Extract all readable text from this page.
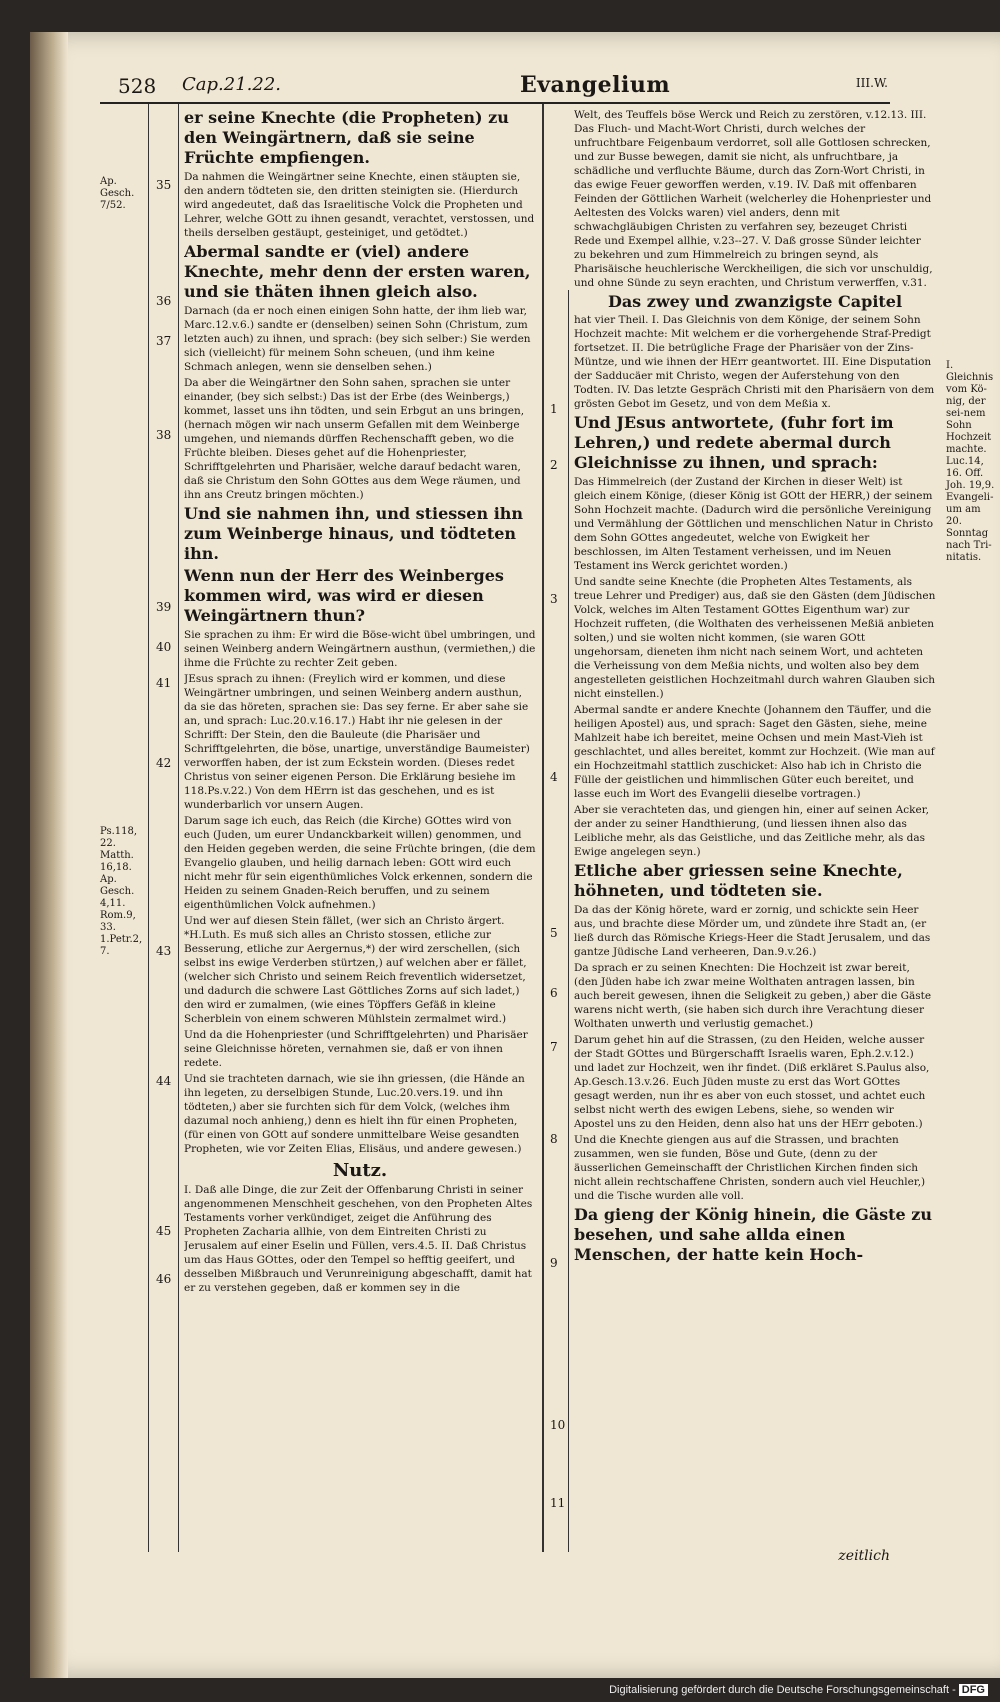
528 Cap.21.22.	Evangelium	III.W.
Ap. Gesch. 7/52.
Ps.118, 22. Matth. 16,18. Ap. Gesch. 4,11. Rom.9, 33. 1.Petr.2, 7.
I. Gleichnis vom Kö-nig, der sei-nem Sohn Hochzeit machte. Luc.14, 16. Off. Joh. 19,9. Evangeli-um am 20. Sonntag nach Tri-nitatis.
35
36
37
38
39
40
41
42
43
44
45
46
1
2
3
4
5
6
7
8
9
10
11

er seine Knechte (die Propheten) zu den Weingärtnern, daß sie seine Früchte empfiengen.

Da nahmen die Weingärtner seine Knechte, einen stäupten sie, den andern tödteten sie, den dritten steinigten sie. (Hierdurch wird angedeutet, daß das Israelitische Volck die Propheten und Lehrer, welche GOtt zu ihnen gesandt, verachtet, verstossen, und theils derselben gestäupt, gesteiniget, und getödtet.)

Abermal sandte er (viel) andere Knechte, mehr denn der ersten waren, und sie thäten ihnen gleich also.

Darnach (da er noch einen einigen Sohn hatte, der ihm lieb war, Marc.12.v.6.) sandte er (denselben) seinen Sohn (Christum, zum letzten auch) zu ihnen, und sprach: (bey sich selber:) Sie werden sich (vielleicht) für meinem Sohn scheuen, (und ihm keine Schmach anlegen, wenn sie denselben sehen.)

Da aber die Weingärtner den Sohn sahen, sprachen sie unter einander, (bey sich selbst:) Das ist der Erbe (des Weinbergs,) kommet, lasset uns ihn tödten, und sein Erbgut an uns bringen, (hernach mögen wir nach unserm Gefallen mit dem Weinberge umgehen, und niemands dürffen Rechenschafft geben, wo die Früchte bleiben. Dieses gehet auf die Hohenpriester, Schrifftgelehrten und Pharisäer, welche darauf bedacht waren, daß sie Christum den Sohn GOttes aus dem Wege räumen, und ihn ans Creutz bringen möchten.)

Und sie nahmen ihn, und stiessen ihn zum Weinberge hinaus, und tödteten ihn.

Wenn nun der Herr des Weinberges kommen wird, was wird er diesen Weingärtnern thun?

Sie sprachen zu ihm: Er wird die Böse-wicht übel umbringen, und seinen Weinberg andern Weingärtnern austhun, (vermiethen,) die ihme die Früchte zu rechter Zeit geben.

JEsus sprach zu ihnen: (Freylich wird er kommen, und diese Weingärtner umbringen, und seinen Weinberg andern austhun, da sie das höreten, sprachen sie: Das sey ferne. Er aber sahe sie an, und sprach: Luc.20.v.16.17.) Habt ihr nie gelesen in der Schrifft: Der Stein, den die Bauleute (die Pharisäer und Schrifftgelehrten, die böse, unartige, unverständige Baumeister) verworffen haben, der ist zum Eckstein worden. (Dieses redet Christus von seiner eigenen Person. Die Erklärung besiehe im 118.Ps.v.22.) Von dem HErrn ist das geschehen, und es ist wunderbarlich vor unsern Augen.

Darum sage ich euch, das Reich (die Kirche) GOttes wird von euch (Juden, um eurer Undanckbarkeit willen) genommen, und den Heiden gegeben werden, die seine Früchte bringen, (die dem Evangelio glauben, und heilig darnach leben: GOtt wird euch nicht mehr für sein eigenthümliches Volck erkennen, sondern die Heiden zu seinem Gnaden-Reich beruffen, und zu seinem eigenthümlichen Volck aufnehmen.)

Und wer auf diesen Stein fället, (wer sich an Christo ärgert. *H.Luth. Es muß sich alles an Christo stossen, etliche zur Besserung, etliche zur Aergernus,*) der wird zerschellen, (sich selbst ins ewige Verderben stürtzen,) auf welchen aber er fället, (welcher sich Christo und seinem Reich freventlich widersetzet, und dadurch die schwere Last Göttliches Zorns auf sich ladet,) den wird er zumalmen, (wie eines Töpffers Gefäß in kleine Scherblein von einem schweren Mühlstein zermalmet wird.)

Und da die Hohenpriester (und Schrifftgelehrten) und Pharisäer seine Gleichnisse höreten, vernahmen sie, daß er von ihnen redete.

Und sie trachteten darnach, wie sie ihn griessen, (die Hände an ihn legeten, zu derselbigen Stunde, Luc.20.vers.19. und ihn tödteten,) aber sie furchten sich für dem Volck, (welches ihm dazumal noch anhieng,) denn es hielt ihn für einen Propheten, (für einen von GOtt auf sondere unmittelbare Weise gesandten Propheten, wie vor Zeiten Elias, Elisäus, und andere gewesen.)

Nutz.

I. Daß alle Dinge, die zur Zeit der Offenbarung Christi in seiner angenommenen Menschheit geschehen, von den Propheten Altes Testaments vorher verkündiget, zeiget die Anführung des Propheten Zacharia allhie, von dem Eintreiten Christi zu Jerusalem auf einer Eselin und Füllen, vers.4.5. II. Daß Christus um das Haus GOttes, oder den Tempel so hefftig geeifert, und desselben Mißbrauch und Verunreinigung abgeschafft, damit hat er zu verstehen gegeben, daß er kommen sey in die

Welt, des Teuffels böse Werck und Reich zu zerstören, v.12.13. III. Das Fluch- und Macht-Wort Christi, durch welches der unfruchtbare Feigenbaum verdorret, soll alle Gottlosen schrecken, und zur Busse bewegen, damit sie nicht, als unfruchtbare, ja schädliche und verfluchte Bäume, durch das Zorn-Wort Christi, in das ewige Feuer geworffen werden, v.19. IV. Daß mit offenbaren Feinden der Göttlichen Warheit (welcherley die Hohenpriester und Aeltesten des Volcks waren) viel anders, denn mit schwachgläubigen Christen zu verfahren sey, bezeuget Christi Rede und Exempel allhie, v.23--27. V. Daß grosse Sünder leichter zu bekehren und zum Himmelreich zu bringen seynd, als Pharisäische heuchlerische Werckheiligen, die sich vor unschuldig, und ohne Sünde zu seyn erachten, und Christum verwerffen, v.31.

Das zwey und zwanzigste Capitel

hat vier Theil. I. Das Gleichnis von dem Könige, der seinem Sohn Hochzeit machte: Mit welchem er die vorhergehende Straf-Predigt fortsetzet. II. Die betrügliche Frage der Pharisäer von der Zins-Müntze, und wie ihnen der HErr geantwortet. III. Eine Disputation der Sadducäer mit Christo, wegen der Auferstehung von den Todten. IV. Das letzte Gespräch Christi mit den Pharisäern von dem grösten Gebot im Gesetz, und von dem Meßia x.

Und JEsus antwortete, (fuhr fort im Lehren,) und redete abermal durch Gleichnisse zu ihnen, und sprach:

Das Himmelreich (der Zustand der Kirchen in dieser Welt) ist gleich einem Könige, (dieser König ist GOtt der HERR,) der seinem Sohn Hochzeit machte. (Dadurch wird die persönliche Vereinigung und Vermählung der Göttlichen und menschlichen Natur in Christo dem Sohn GOttes angedeutet, welche von Ewigkeit her beschlossen, im Alten Testament verheissen, und im Neuen Testament ins Werck gerichtet worden.)

Und sandte seine Knechte (die Propheten Altes Testaments, als treue Lehrer und Prediger) aus, daß sie den Gästen (dem Jüdischen Volck, welches im Alten Testament GOttes Eigenthum war) zur Hochzeit ruffeten, (die Wolthaten des verheissenen Meßiä anbieten solten,) und sie wolten nicht kommen, (sie waren GOtt ungehorsam, dieneten ihm nicht nach seinem Wort, und achteten die Verheissung von dem Meßia nichts, und wolten also bey dem angestelleten geistlichen Hochzeitmahl durch wahren Glauben sich nicht einstellen.)

Abermal sandte er andere Knechte (Johannem den Täuffer, und die heiligen Apostel) aus, und sprach: Saget den Gästen, siehe, meine Mahlzeit habe ich bereitet, meine Ochsen und mein Mast-Vieh ist geschlachtet, und alles bereitet, kommt zur Hochzeit. (Wie man auf ein Hochzeitmahl stattlich zuschicket: Also hab ich in Christo die Fülle der geistlichen und himmlischen Güter euch bereitet, und lasse euch im Wort des Evangelii dieselbe vortragen.)

Aber sie verachteten das, und giengen hin, einer auf seinen Acker, der ander zu seiner Handthierung, (und liessen ihnen also das Leibliche mehr, als das Geistliche, und das Zeitliche mehr, als das Ewige angelegen seyn.)

Etliche aber griessen seine Knechte, höhneten, und tödteten sie.

Da das der König hörete, ward er zornig, und schickte sein Heer aus, und brachte diese Mörder um, und zündete ihre Stadt an, (er ließ durch das Römische Kriegs-Heer die Stadt Jerusalem, und das gantze Jüdische Land verheeren, Dan.9.v.26.)

Da sprach er zu seinen Knechten: Die Hochzeit ist zwar bereit, (den Jüden habe ich zwar meine Wolthaten antragen lassen, bin auch bereit gewesen, ihnen die Seligkeit zu geben,) aber die Gäste warens nicht werth, (sie haben sich durch ihre Verachtung dieser Wolthaten unwerth und verlustig gemachet.)

Darum gehet hin auf die Strassen, (zu den Heiden, welche ausser der Stadt GOttes und Bürgerschafft Israelis waren, Eph.2.v.12.) und ladet zur Hochzeit, wen ihr findet. (Diß erkläret S.Paulus also, Ap.Gesch.13.v.26. Euch Jüden muste zu erst das Wort GOttes gesagt werden, nun ihr es aber von euch stosset, und achtet euch selbst nicht werth des ewigen Lebens, siehe, so wenden wir Apostel uns zu den Heiden, denn also hat uns der HErr geboten.)

Und die Knechte giengen aus auf die Strassen, und brachten zusammen, wen sie funden, Böse und Gute, (denn zu der äusserlichen Gemeinschafft der Christlichen Kirchen finden sich nicht allein rechtschaffene Christen, sondern auch viel Heuchler,) und die Tische wurden alle voll.

Da gieng der König hinein, die Gäste zu besehen, und sahe allda einen Menschen, der hatte kein Hoch-

zeitlich
Digitalisierung gefördert durch die Deutsche Forschungsgemeinschaft - DFG
